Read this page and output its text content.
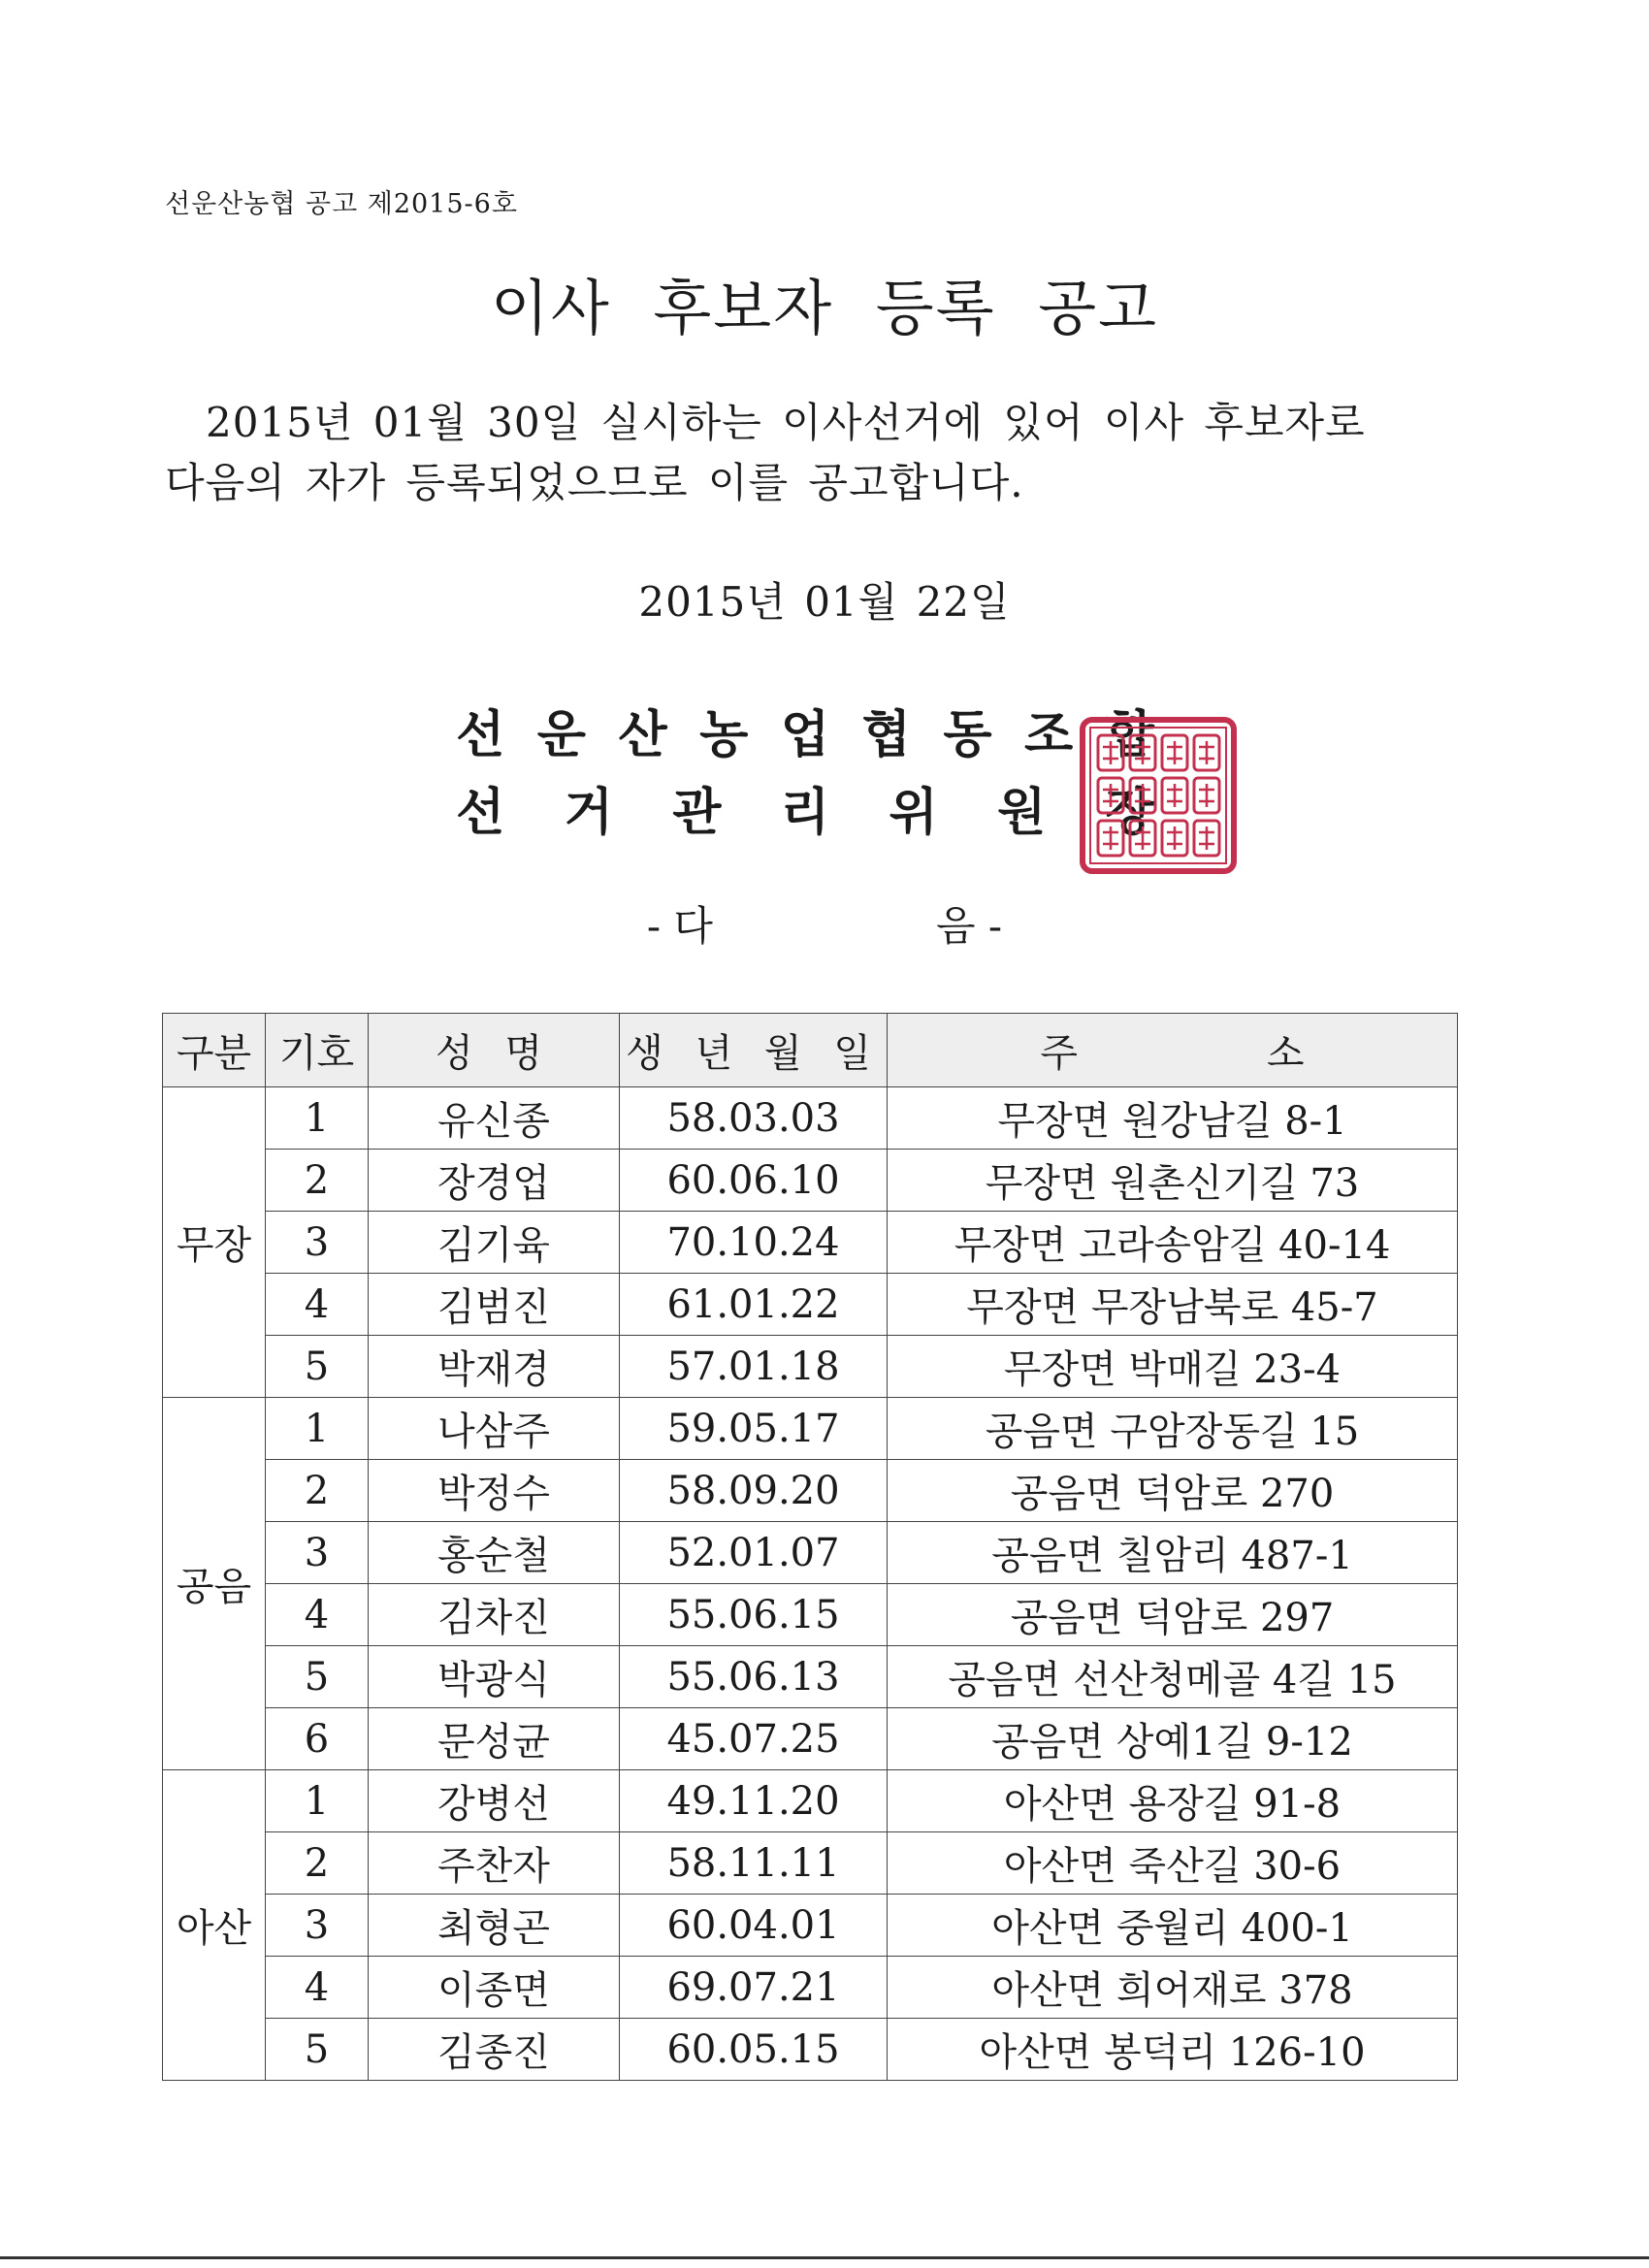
선운산농협 공고 제2015-6호
이사 후보자 등록 공고

2015년 01월 30일 실시하는 이사선거에 있어 이사 후보자로

다음의 자가 등록되었으므로 이를 공고합니다.

2015년 01월 22일
선 운 산 농 업 협 동 조 합
선 거 관 리 위 원 장
- 다	음 -
구분	기호	성 명	생 년 월 일	주 소

무장	1	유신종	58.03.03	무장면 원강남길 8-1
	2	장경업	60.06.10	무장면 원촌신기길 73
	3	김기육	70.10.24	무장면 고라송암길 40-14
	4	김범진	61.01.22	무장면 무장남북로 45-7
	5	박재경	57.01.18	무장면 박매길 23-4
공음	1	나삼주	59.05.17	공음면 구암장동길 15
	2	박정수	58.09.20	공음면 덕암로 270
	3	홍순철	52.01.07	공음면 칠암리 487-1
	4	김차진	55.06.15	공음면 덕암로 297
	5	박광식	55.06.13	공음면 선산청메골 4길 15
	6	문성균	45.07.25	공음면 상예1길 9-12
아산	1	강병선	49.11.20	아산면 용장길 91-8
	2	주찬자	58.11.11	아산면 죽산길 30-6
	3	최형곤	60.04.01	아산면 중월리 400-1
	4	이종면	69.07.21	아산면 희어재로 378
	5	김종진	60.05.15	아산면 봉덕리 126-10
